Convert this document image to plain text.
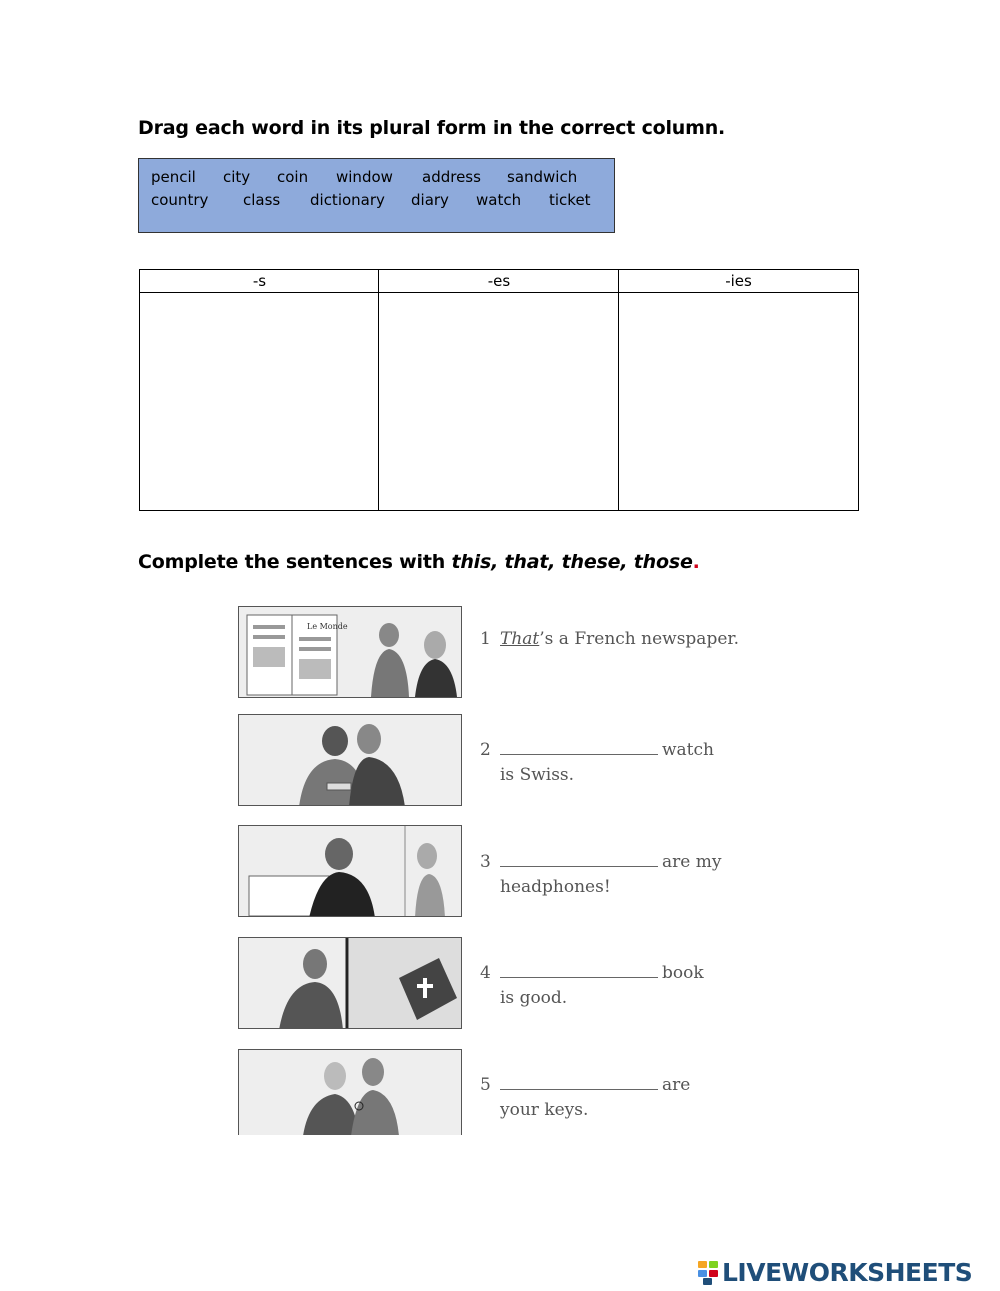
Drag each word in its plural form in the correct column.
pencil city coin window address sandwich
country class dictionary diary watch ticket
-s	-es	-ies
Complete the sentences with this, that, these, those.
Le Monde
1 That’s a French newspaper.
2	watch
is Swiss.
3	are my
headphones!
4	book
is good.
5	are
your keys.
LIVEWORKSHEETS
